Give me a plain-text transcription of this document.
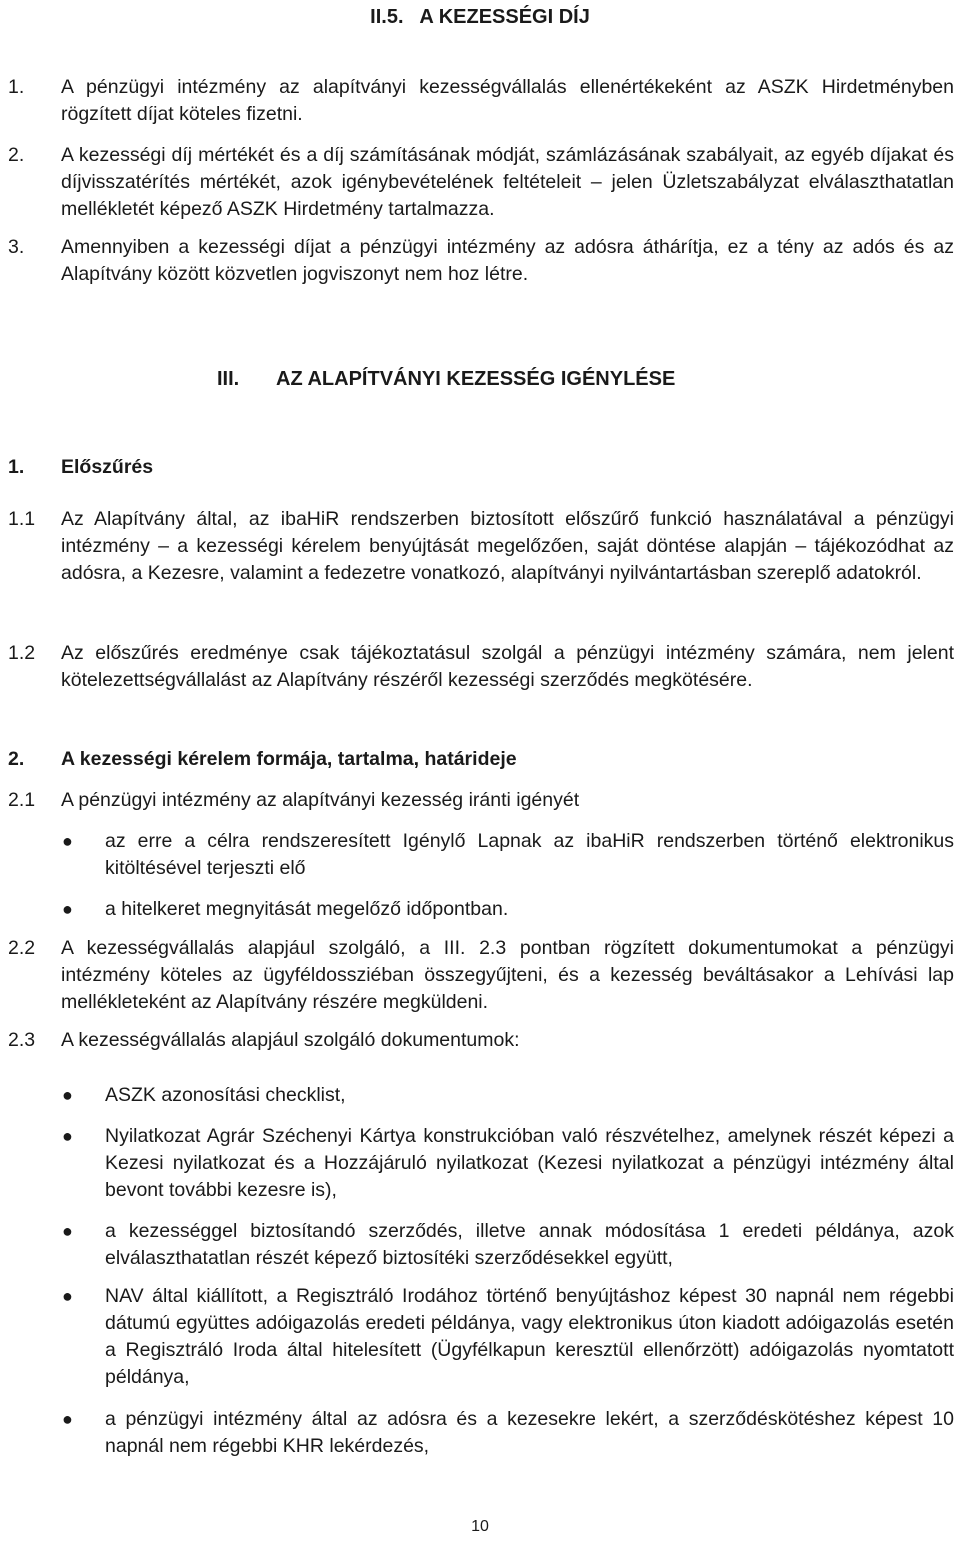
II.5.   A KEZESSÉGI DÍJ
1. A pénzügyi intézmény az alapítványi kezességvállalás ellenértékeként az ASZK Hirdetményben rögzített díjat köteles fizetni.
2. A kezességi díj mértékét és a díj számításának módját, számlázásának szabályait, az egyéb díjakat és díjvisszatérítés mértékét, azok igénybevételének feltételeit – jelen Üzletszabályzat elválaszthatatlan mellékletét képező ASZK Hirdetmény tartalmazza.
3. Amennyiben a kezességi díjat a pénzügyi intézmény az adósra áthárítja, ez a tény az adós és az Alapítvány között közvetlen jogviszonyt nem hoz létre.
III. AZ ALAPÍTVÁNYI KEZESSÉG IGÉNYLÉSE
1. Előszűrés
1.1 Az Alapítvány által, az ibaHiR rendszerben biztosított előszűrő funkció használatával a pénzügyi intézmény – a kezességi kérelem benyújtását megelőzően, saját döntése alapján – tájékozódhat az adósra, a Kezesre, valamint a fedezetre vonatkozó, alapítványi nyilvántartásban szereplő adatokról.
1.2 Az előszűrés eredménye csak tájékoztatásul szolgál a pénzügyi intézmény számára, nem jelent kötelezettségvállalást az Alapítvány részéről kezességi szerződés megkötésére.
2. A kezességi kérelem formája, tartalma, határideje
2.1 A pénzügyi intézmény az alapítványi kezesség iránti igényét
● az erre a célra rendszeresített Igénylő Lapnak az ibaHiR rendszerben történő elektronikus kitöltésével terjeszti elő
● a hitelkeret megnyitását megelőző időpontban.
2.2 A kezességvállalás alapjául szolgáló, a III. 2.3 pontban rögzített dokumentumokat a pénzügyi intézmény köteles az ügyféldossziéban összegyűjteni, és a kezesség beváltásakor a Lehívási lap mellékleteként az Alapítvány részére megküldeni.
2.3 A kezességvállalás alapjául szolgáló dokumentumok:
● ASZK azonosítási checklist,
● Nyilatkozat Agrár Széchenyi Kártya konstrukcióban való részvételhez, amelynek részét képezi a Kezesi nyilatkozat és a Hozzájáruló nyilatkozat (Kezesi nyilatkozat a pénzügyi intézmény által bevont további kezesre is),
● a kezességgel biztosítandó szerződés, illetve annak módosítása 1 eredeti példánya, azok elválaszthatatlan részét képező biztosítéki szerződésekkel együtt,
● NAV által kiállított, a Regisztráló Irodához történő benyújtáshoz képest 30 napnál nem régebbi dátumú együttes adóigazolás eredeti példánya, vagy elektronikus úton kiadott adóigazolás esetén a Regisztráló Iroda által hitelesített (Ügyfélkapun keresztül ellenőrzött) adóigazolás nyomtatott példánya,
● a pénzügyi intézmény által az adósra és a kezesekre lekért, a szerződéskötéshez képest 10 napnál nem régebbi KHR lekérdezés,
10
